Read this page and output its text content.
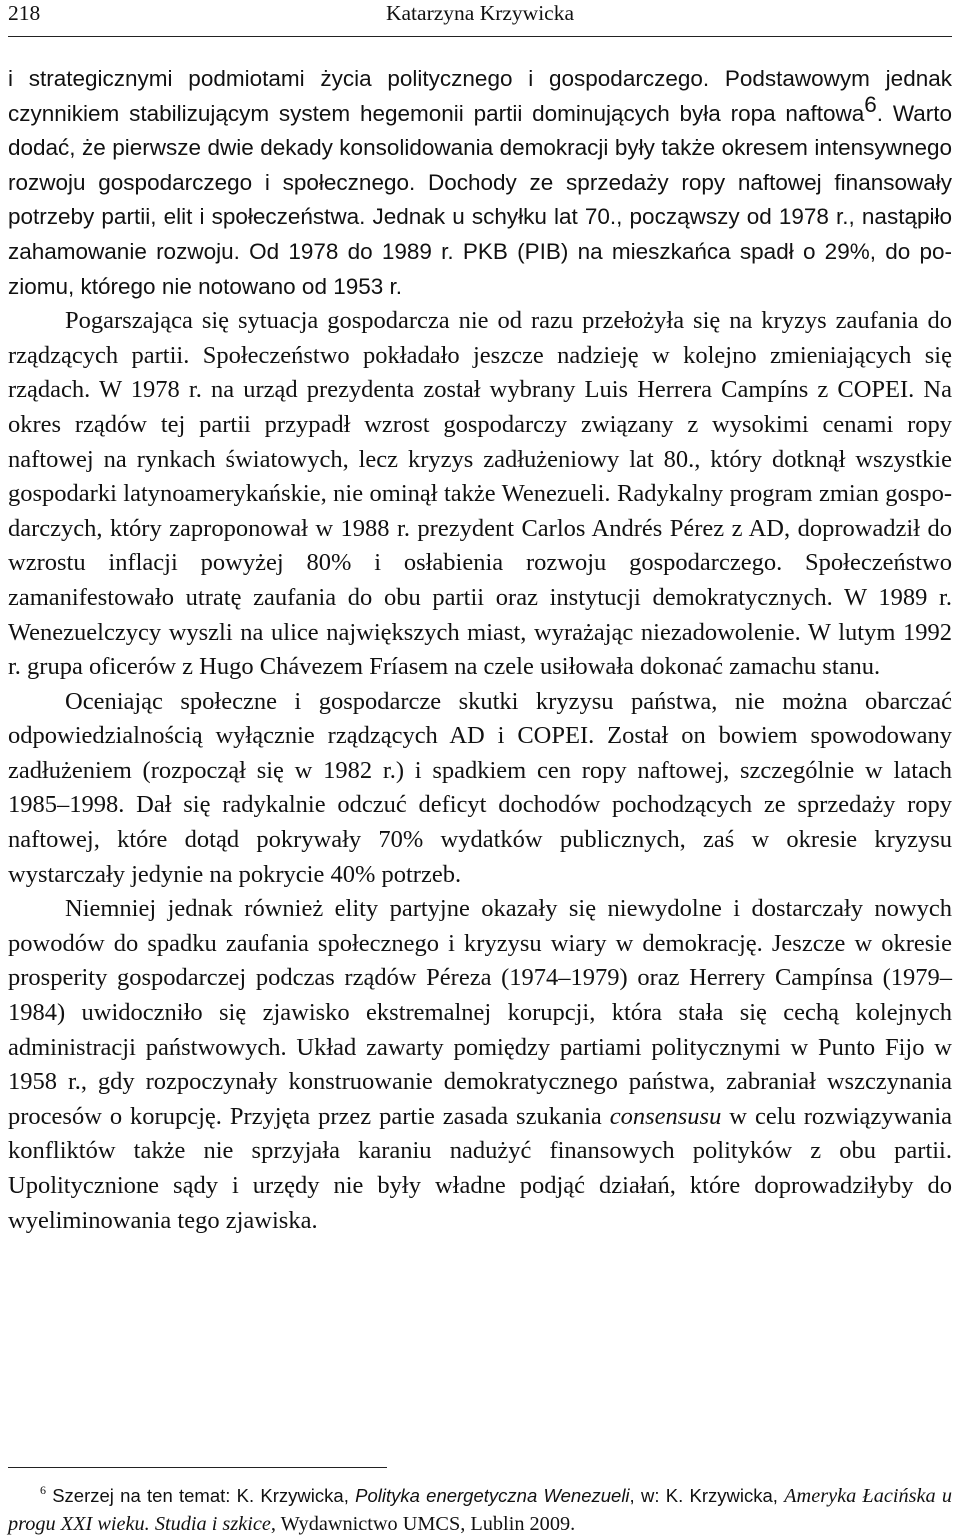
218	Katarzyna Krzywicka

i strategicznymi podmiotami życia politycznego i gospodarczego. Podstawowym jednak czynnikiem stabilizującym system hegemonii partii dominujących była ropa naftowa$^6$. Warto dodać, że pierwsze dwie dekady konsolidowania demokracji były także okresem intensywnego rozwoju gospodarczego i społecznego. Dochody ze sprzedaży ropy naftowej finansowały potrzeby partii, elit i społeczeństwa. Jednak u schyłku lat 70., począwszy od 1978 r., nastąpiło zahamowanie rozwoju. Od 1978 do 1989 r. PKB (PIB) na mieszkańca spadł o 29%, do poziomu, którego nie notowano od 1953 r.

Pogarszająca się sytuacja gospodarcza nie od razu przełożyła się na kryzys zaufania do rządzących partii. Społeczeństwo pokładało jeszcze nadzieję w kolejno zmieniających się rządach. W 1978 r. na urząd prezydenta został wybrany Luis Herrera Campíns z COPEI. Na okres rządów tej partii przypadł wzrost gospodarczy związany z wysokimi cenami ropy naftowej na rynkach światowych, lecz kryzys zadłużeniowy lat 80., który dotknął wszystkie gospodarki latynoamerykańskie, nie ominął także Wenezueli. Radykalny program zmian gospodarczych, który zaproponował w 1988 r. prezydent Carlos Andrés Pérez z AD, doprowadził do wzrostu inflacji powyżej 80% i osłabienia rozwoju gospodarczego. Społeczeństwo zamanifestowało utratę zaufania do obu partii oraz instytucji demokratycznych. W 1989 r. Wenezuelczycy wyszli na ulice największych miast, wyrażając niezadowolenie. W lutym 1992 r. grupa oficerów z Hugo Chávezem Fríasem na czele usiłowała dokonać zamachu stanu.

Oceniając społeczne i gospodarcze skutki kryzysu państwa, nie można obarczać odpowiedzialnością wyłącznie rządzących AD i COPEI. Został on bowiem spowodowany zadłużeniem (rozpoczął się w 1982 r.) i spadkiem cen ropy naftowej, szczególnie w latach 1985–1998. Dał się radykalnie odczuć deficyt dochodów pochodzących ze sprzedaży ropy naftowej, które dotąd pokrywały 70% wydatków publicznych, zaś w okresie kryzysu wystarczały jedynie na pokrycie 40% potrzeb.

Niemniej jednak również elity partyjne okazały się niewydolne i dostarczały nowych powodów do spadku zaufania społecznego i kryzysu wiary w demokrację. Jeszcze w okresie prosperity gospodarczej podczas rządów Péreza (1974–1979) oraz Herrery Campínsa (1979–1984) uwidoczniło się zjawisko ekstremalnej korupcji, która stała się cechą kolejnych administracji państwowych. Układ zawarty pomiędzy partiami politycznymi w Punto Fijo w 1958 r., gdy rozpoczynały konstruowanie demokratycznego państwa, zabraniał wszczynania procesów o korupcję. Przyjęta przez partie zasada szukania consensusu w celu rozwiązywania konfliktów także nie sprzyjała karaniu nadużyć finansowych polityków z obu partii. Upolitycznione sądy i urzędy nie były władne podjąć działań, które doprowadziłyby do wyeliminowania tego zjawiska.

$^6$ Szerzej na ten temat: K. Krzywicka, Polityka energetyczna Wenezueli, w: K. Krzywicka, Ameryka Łacińska u progu XXI wieku. Studia i szkice, Wydawnictwo UMCS, Lublin 2009.
